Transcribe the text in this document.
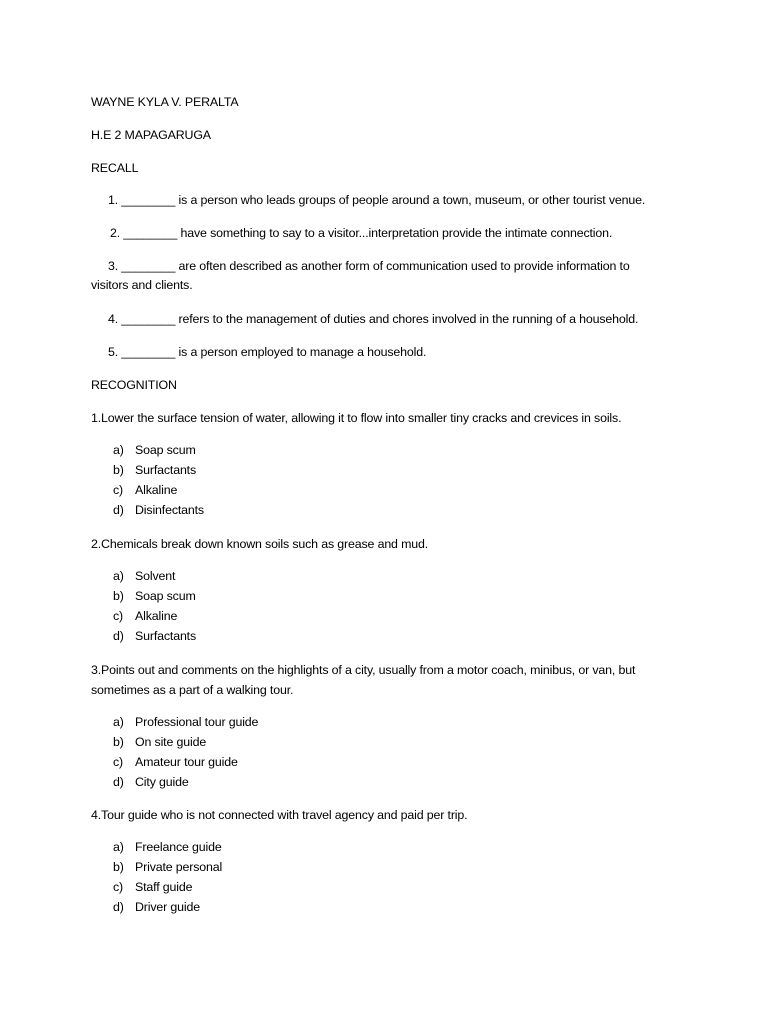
WAYNE KYLA V. PERALTA
H.E 2 MAPAGARUGA
RECALL
1. ________ is a person who leads groups of people around a town, museum, or other tourist venue.
2. ________ have something to say to a visitor...interpretation provide the intimate connection.
3. ________ are often described as another form of communication used to provide information to
visitors and clients.
4. ________ refers to the management of duties and chores involved in the running of a household.
5. ________ is a person employed to manage a household.
RECOGNITION
1.Lower the surface tension of water, allowing it to flow into smaller tiny cracks and crevices in soils.
a) Soap scum
b) Surfactants
c) Alkaline
d) Disinfectants
2.Chemicals break down known soils such as grease and mud.
a) Solvent
b) Soap scum
c) Alkaline
d) Surfactants
3.Points out and comments on the highlights of a city, usually from a motor coach, minibus, or van, but
sometimes as a part of a walking tour.
a) Professional tour guide
b) On site guide
c) Amateur tour guide
d) City guide
4.Tour guide who is not connected with travel agency and paid per trip.
a) Freelance guide
b) Private personal
c) Staff guide
d) Driver guide
